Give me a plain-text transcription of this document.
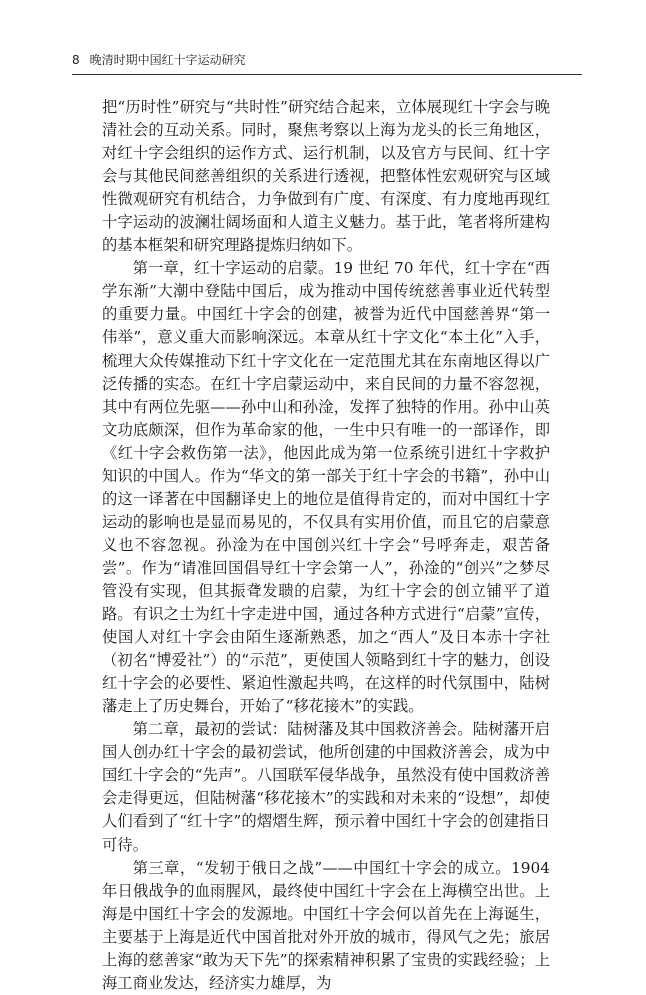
8 晚清时期中国红十字运动研究

把“历时性”研究与“共时性”研究结合起来，立体展现红十字会与晚清社会的互动关系。同时，聚焦考察以上海为龙头的长三角地区，对红十字会组织的运作方式、运行机制，以及官方与民间、红十字会与其他民间慈善组织的关系进行透视，把整体性宏观研究与区域性微观研究有机结合，力争做到有广度、有深度、有力度地再现红十字运动的波澜壮阔场面和人道主义魅力。基于此，笔者将所建构的基本框架和研究理路提炼归纳如下。

第一章，红十字运动的启蒙。19 世纪 70 年代，红十字在“西学东渐”大潮中登陆中国后，成为推动中国传统慈善事业近代转型的重要力量。中国红十字会的创建，被誉为近代中国慈善界“第一伟举”，意义重大而影响深远。本章从红十字文化“本土化”入手，梳理大众传媒推动下红十字文化在一定范围尤其在东南地区得以广泛传播的实态。在红十字启蒙运动中，来自民间的力量不容忽视，其中有两位先驱——孙中山和孙淦，发挥了独特的作用。孙中山英文功底颇深，但作为革命家的他，一生中只有唯一的一部译作，即《红十字会救伤第一法》，他因此成为第一位系统引进红十字救护知识的中国人。作为“华文的第一部关于红十字会的书籍”，孙中山的这一译著在中国翻译史上的地位是值得肯定的，而对中国红十字运动的影响也是显而易见的，不仅具有实用价值，而且它的启蒙意义也不容忽视。孙淦为在中国创兴红十字会“号呼奔走，艰苦备尝”。作为“请准回国倡导红十字会第一人”，孙淦的“创兴”之梦尽管没有实现，但其振聋发聩的启蒙，为红十字会的创立铺平了道路。有识之士为红十字走进中国，通过各种方式进行“启蒙”宣传，使国人对红十字会由陌生逐渐熟悉，加之“西人”及日本赤十字社（初名“博爱社”）的“示范”，更使国人领略到红十字的魅力，创设红十字会的必要性、紧迫性激起共鸣，在这样的时代氛围中，陆树藩走上了历史舞台，开始了“移花接木”的实践。

第二章，最初的尝试：陆树藩及其中国救济善会。陆树藩开启国人创办红十字会的最初尝试，他所创建的中国救济善会，成为中国红十字会的“先声”。八国联军侵华战争，虽然没有使中国救济善会走得更远，但陆树藩“移花接木”的实践和对未来的“设想”，却使人们看到了“红十字”的熠熠生辉，预示着中国红十字会的创建指日可待。

第三章，“发轫于俄日之战”——中国红十字会的成立。1904 年日俄战争的血雨腥风，最终使中国红十字会在上海横空出世。上海是中国红十字会的发源地。中国红十字会何以首先在上海诞生，主要基于上海是近代中国首批对外开放的城市，得风气之先；旅居上海的慈善家“敢为天下先”的探索精神积累了宝贵的实践经验；上海工商业发达，经济实力雄厚，为
